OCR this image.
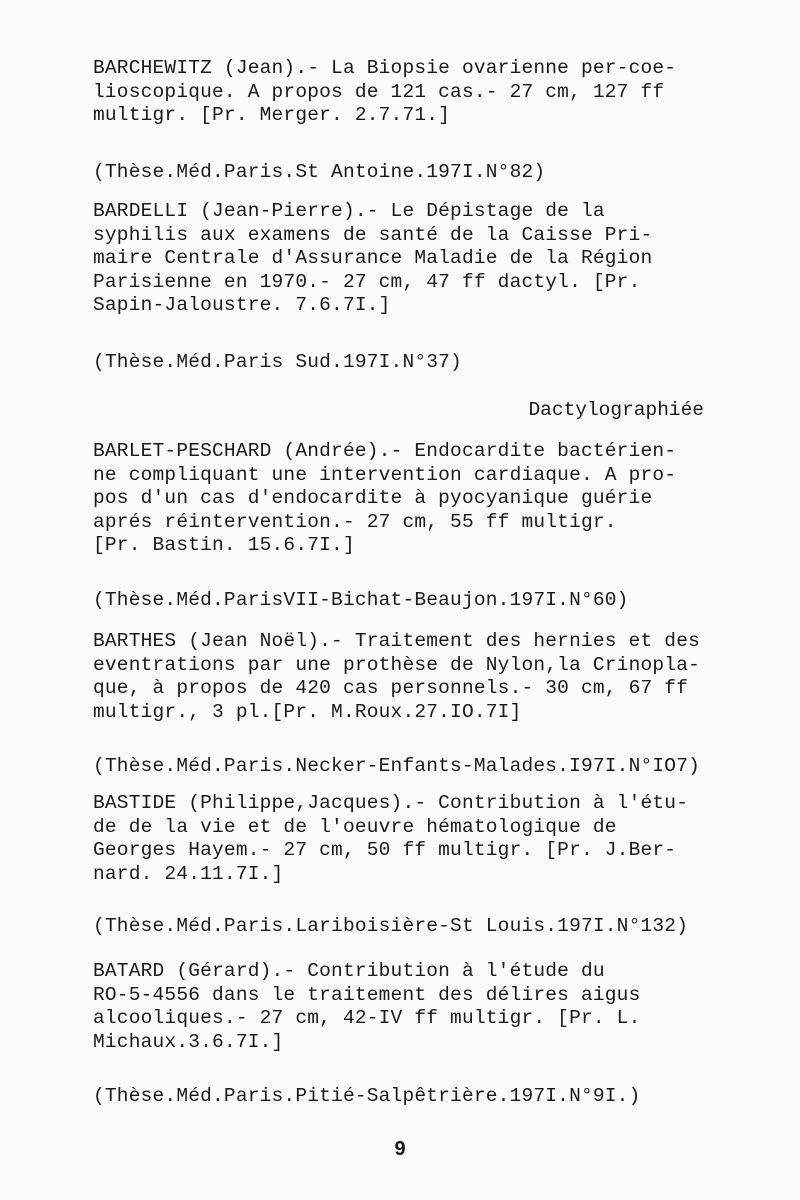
BARCHEWITZ (Jean).- La Biopsie ovarienne per-coe-
lioscopique. A propos de 121 cas.- 27 cm, 127 ff
multigr. [Pr. Merger. 2.7.71.]
(Thèse.Méd.Paris.St Antoine.197I.N°82)
BARDELLI (Jean-Pierre).- Le Dépistage de la
syphilis aux examens de santé de la Caisse Pri-
maire Centrale d'Assurance Maladie de la Région
Parisienne en 1970.- 27 cm, 47 ff dactyl. [Pr.
Sapin-Jaloustre. 7.6.7I.]
(Thèse.Méd.Paris Sud.197I.N°37)
Dactylographiée
BARLET-PESCHARD (Andrée).- Endocardite bactérien-
ne compliquant une intervention cardiaque. A pro-
pos d'un cas d'endocardite à pyocyanique guérie
aprés réintervention.- 27 cm, 55 ff multigr.
[Pr. Bastin. 15.6.7I.]
(Thèse.Méd.ParisVII-Bichat-Beaujon.197I.N°60)
BARTHES (Jean Noël).- Traitement des hernies et des
eventrations par une prothèse de Nylon,la Crinopla-
que, à propos de 420 cas personnels.- 30 cm, 67 ff
multigr., 3 pl.[Pr. M.Roux.27.IO.7I]
(Thèse.Méd.Paris.Necker-Enfants-Malades.I97I.N°IO7)
BASTIDE (Philippe,Jacques).- Contribution à l'étu-
de de la vie et de l'oeuvre hématologique de
Georges Hayem.- 27 cm, 50 ff multigr. [Pr. J.Ber-
nard. 24.11.7I.]
(Thèse.Méd.Paris.Lariboisière-St Louis.197I.N°132)
BATARD (Gérard).- Contribution à l'étude du
RO-5-4556 dans le traitement des délires aigus
alcooliques.- 27 cm, 42-IV ff multigr. [Pr. L.
Michaux.3.6.7I.]
(Thèse.Méd.Paris.Pitié-Salpêtrière.197I.N°9I.)
9
